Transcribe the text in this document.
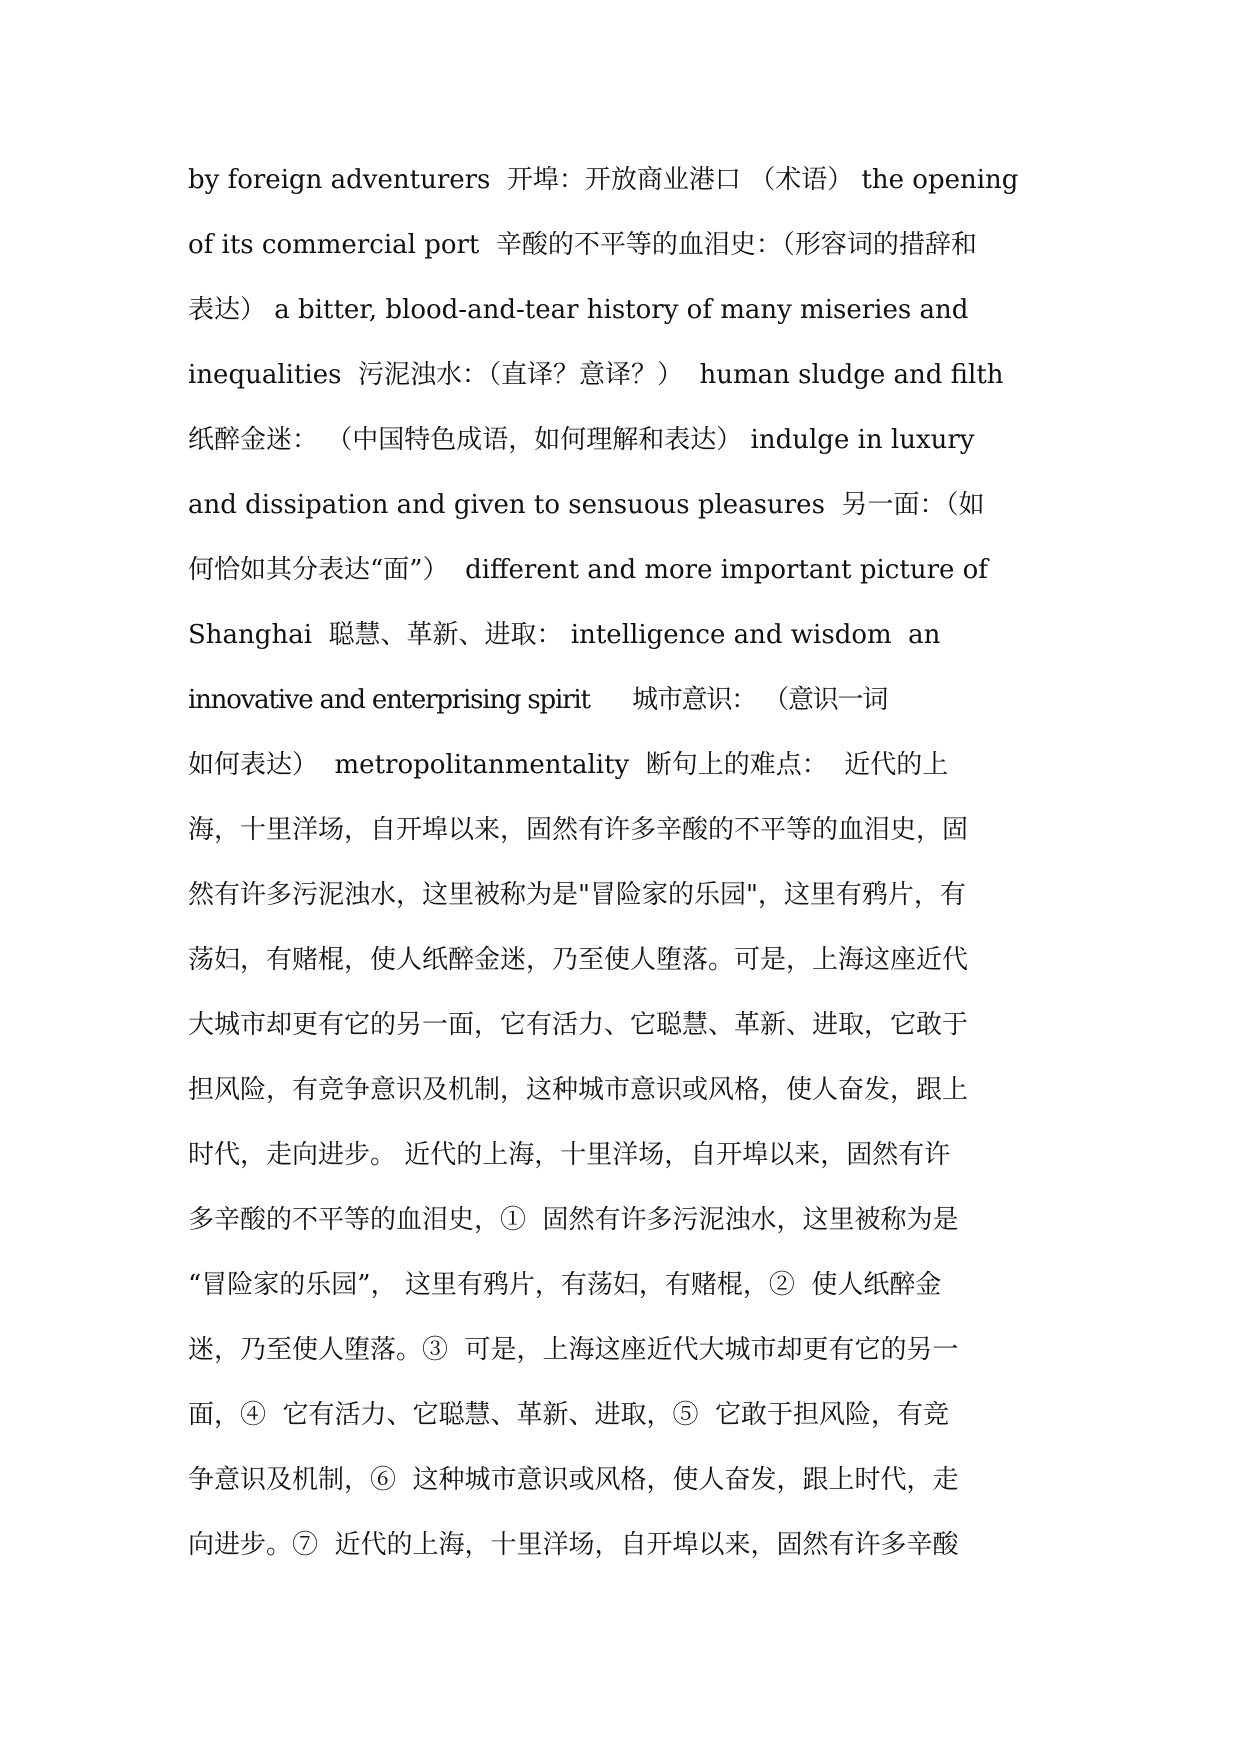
by foreign adventurers  开埠：开放商业港口 （术语） the opening
of its commercial port  辛酸的不平等的血泪史：（形容词的措辞和
表达） a bitter, blood-and-tear history of many miseries and
inequalities  污泥浊水：（直译？意译？）  human sludge and filth
纸醉金迷： （中国特色成语，如何理解和表达） indulge in luxury
and dissipation and given to sensuous pleasures  另一面：（如
何恰如其分表达“面”）  different and more important picture of
Shanghai  聪慧、革新、进取： intelligence and wisdom  an
innovative and enterprising spirit      城市意识： （意识一词
如何表达）  metropolitanmentality  断句上的难点：  近代的上
海，十里洋场，自开埠以来，固然有许多辛酸的不平等的血泪史，固
然有许多污泥浊水，这里被称为是"冒险家的乐园"，这里有鸦片，有
荡妇，有赌棍，使人纸醉金迷，乃至使人堕落。可是，上海这座近代
大城市却更有它的另一面，它有活力、它聪慧、革新、进取，它敢于
担风险，有竞争意识及机制，这种城市意识或风格，使人奋发，跟上
时代，走向进步。 近代的上海，十里洋场，自开埠以来，固然有许
多辛酸的不平等的血泪史，①  固然有许多污泥浊水，这里被称为是
“冒险家的乐园”， 这里有鸦片，有荡妇，有赌棍，②  使人纸醉金
迷，乃至使人堕落。③  可是，上海这座近代大城市却更有它的另一
面，④  它有活力、它聪慧、革新、进取，⑤  它敢于担风险，有竞
争意识及机制，⑥  这种城市意识或风格，使人奋发，跟上时代，走
向进步。⑦  近代的上海，十里洋场，自开埠以来，固然有许多辛酸
